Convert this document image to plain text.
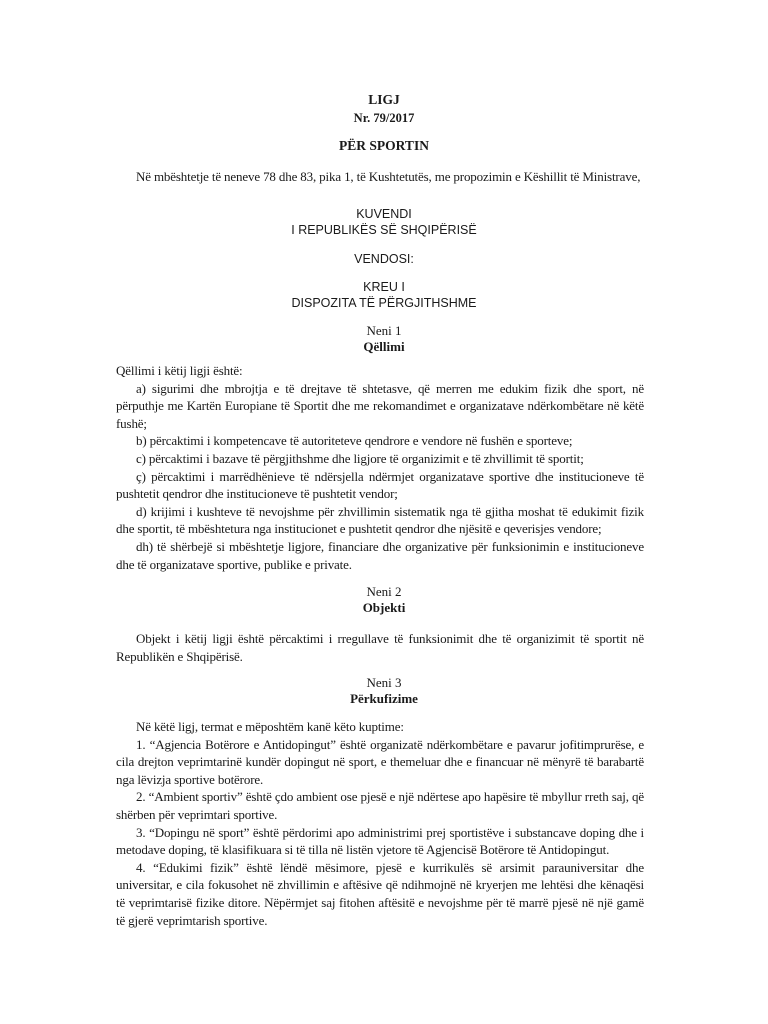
LIGJ
Nr. 79/2017
PËR SPORTIN

Në mbështetje të neneve 78 dhe 83, pika 1, të Kushtetutës, me propozimin e Këshillit të Ministrave,

KUVENDI
I REPUBLIKËS SË SHQIPËRISË
VENDOSI:
KREU I
DISPOZITA TË PËRGJITHSHME
Neni 1
Qëllimi

Qëllimi i këtij ligji është:

a) sigurimi dhe mbrojtja e të drejtave të shtetasve, që merren me edukim fizik dhe sport, në përputhje me Kartën Europiane të Sportit dhe me rekomandimet e organizatave ndërkombëtare në këtë fushë;

b) përcaktimi i kompetencave të autoriteteve qendrore e vendore në fushën e sporteve;

c) përcaktimi i bazave të përgjithshme dhe ligjore të organizimit e të zhvillimit të sportit;

ç) përcaktimi i marrëdhënieve të ndërsjella ndërmjet organizatave sportive dhe institucioneve të pushtetit qendror dhe institucioneve të pushtetit vendor;

d) krijimi i kushteve të nevojshme për zhvillimin sistematik nga të gjitha moshat të edukimit fizik dhe sportit, të mbështetura nga institucionet e pushtetit qendror dhe njësitë e qeverisjes vendore;

dh) të shërbejë si mbështetje ligjore, financiare dhe organizative për funksionimin e institucioneve dhe të organizatave sportive, publike e private.

Neni 2
Objekti

Objekt i këtij ligji është përcaktimi i rregullave të funksionimit dhe të organizimit të sportit në Republikën e Shqipërisë.

Neni 3
Përkufizime

Në këtë ligj, termat e mëposhtëm kanë këto kuptime:

1. “Agjencia Botërore e Antidopingut” është organizatë ndërkombëtare e pavarur jofitimprurëse, e cila drejton veprimtarinë kundër dopingut në sport, e themeluar dhe e financuar në mënyrë të barabartë nga lëvizja sportive botërore.

2. “Ambient sportiv” është çdo ambient ose pjesë e një ndërtese apo hapësire të mbyllur rreth saj, që shërben për veprimtari sportive.

3. “Dopingu në sport” është përdorimi apo administrimi prej sportistëve i substancave doping dhe i metodave doping, të klasifikuara si të tilla në listën vjetore të Agjencisë Botërore të Antidopingut.

4. “Edukimi fizik” është lëndë mësimore, pjesë e kurrikulës së arsimit parauniversitar dhe universitar, e cila fokusohet në zhvillimin e aftësive që ndihmojnë në kryerjen me lehtësi dhe kënaqësi të veprimtarisë fizike ditore. Nëpërmjet saj fitohen aftësitë e nevojshme për të marrë pjesë në një gamë të gjerë veprimtarish sportive.
